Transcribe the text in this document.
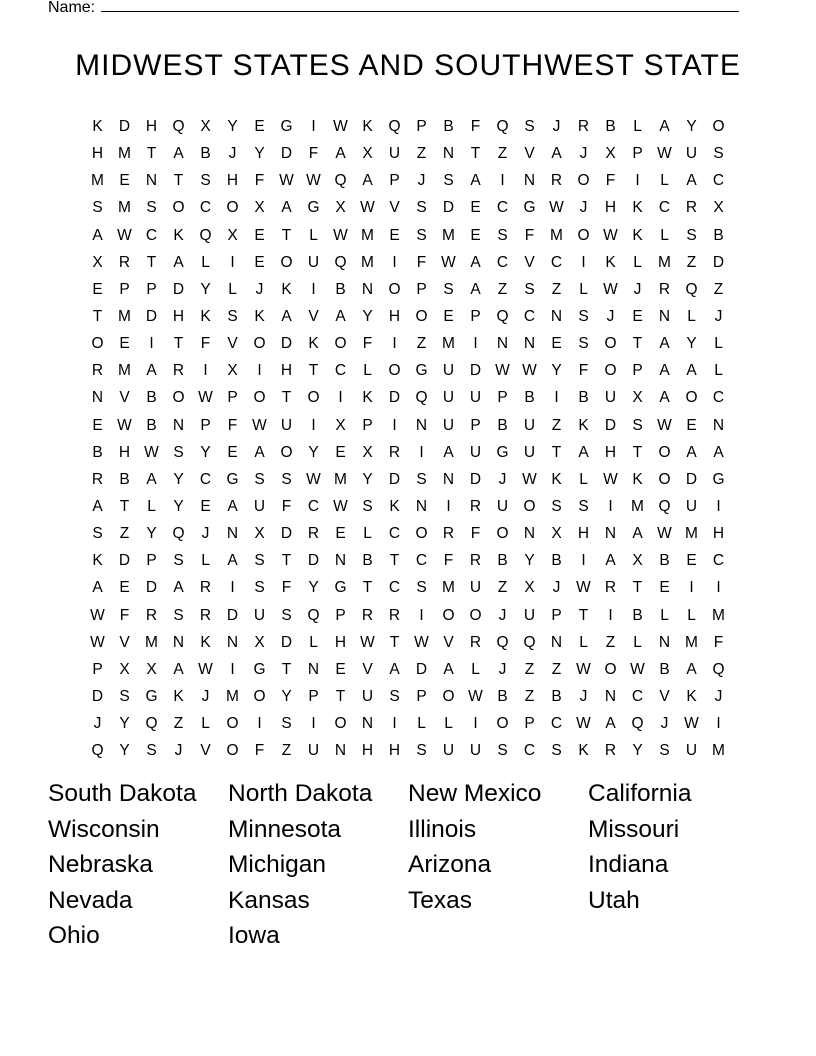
Name:
MIDWEST STATES AND SOUTHWEST STATE
K	D	H Q	X	Y	E	G	I	W K	Q	P	B	F	Q	S	J	R	B	L	A	Y	O
H M	T	A	B	J	Y	D	F	A	X	U	Z	N	T	Z	V	A	J	X	P W U	S
M E	N	T	S	H	F W W Q	A	P	J	S	A	I	N	R O	F	I	L	A	C
S M S	O C O	X	A	G	X W V	S	D	E	C G W	J	H	K	C	R	X
A W C	K	Q	X	E	T	L W M E	S M E	S	F	M O W K	L	S	B
X	R	T	A	L	I	E	O U Q M	I	F W A	C	V	C	I	K	L	M	Z	D
E	P	P	D	Y	L	J	K	I	B	N O	P	S	A	Z	S	Z	L W	J	R Q	Z
T	M D	H	K	S	K	A	V	A	Y	H O	E	P	Q C	N	S	J	E	N	L	J
O	E	I	T	F	V	O D	K	O	F	I	Z	M	I	N	N	E	S	O	T	A	Y	L
R M A	R	I	X	I	H	T	C	L	O G U	D W W Y	F	O	P	A	A	L
N	V	B	O W P	O	T	O	I	K	D Q U	U	P	B	I	B	U	X	A	O C
E W B	N	P	F W U	I	X	P	I	N	U	P	B	U	Z	K	D	S W E	N
B	H W S	Y	E	A	O	Y	E	X	R	I	A	U G U	T	A	H	T	O	A	A
R	B	A	Y	C G	S	S W M Y	D	S	N	D	J	W K	L W K	O D G
A	T	L	Y	E	A	U	F	C W S	K	N	I	R	U O	S	S	I	M Q U	I
S	Z	Y	Q	J	N	X	D	R	E	L	C O R	F	O N	X	H	N	A W M H
K	D	P	S	L	A	S	T	D	N	B	T	C	F	R	B	Y	B	I	A	X	B	E	C
A	E	D	A	R	I	S	F	Y	G	T	C	S M U	Z	X	J	W R	T	E	I	I
W F	R	S	R	D	U	S	Q	P	R	R	I	O O	J	U	P	T	I	B	L	L	M
W V M N	K	N	X	D	L	H W T W V	R Q Q N	L	Z	L	N M	F
P	X	X	A W	I	G	T	N	E	V	A	D	A	L	J	Z	Z W O W B	A	Q
D	S	G	K	J	M O	Y	P	T	U	S	P	O W B	Z	B	J	N	C	V	K	J
J	Y	Q	Z	L	O	I	S	I	O N	I	L	L	I	O	P	C W A	Q	J	W	I
Q	Y	S	J	V	O	F	Z	U	N	H	H	S	U	U	S	C	S	K	R	Y	S	U M
South Dakota	North Dakota	New Mexico	California
Wisconsin	Minnesota	Illinois	Missouri
Nebraska	Michigan	Arizona	Indiana
Nevada	Kansas	Texas	Utah
Ohio	Iowa
